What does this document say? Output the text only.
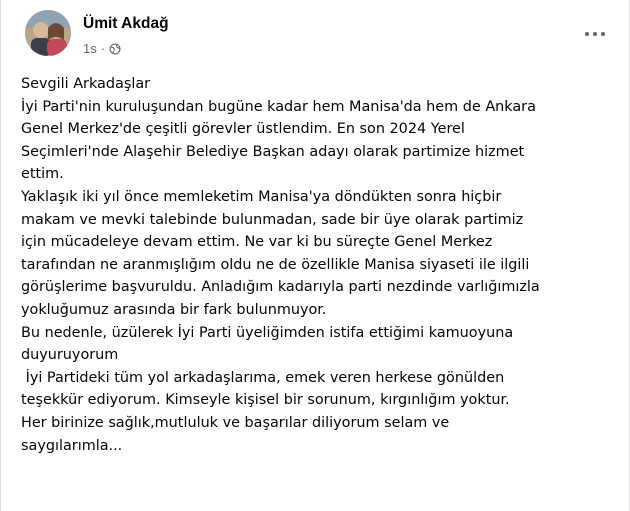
Ümit Akdağ
1s ·
Sevgili Arkadaşlar
İyi Parti'nin kuruluşundan bugüne kadar hem Manisa'da hem de Ankara
Genel Merkez'de çeşitli görevler üstlendim. En son 2024 Yerel
Seçimleri'nde Alaşehir Belediye Başkan adayı olarak partimize hizmet
ettim.
Yaklaşık iki yıl önce memleketim Manisa'ya döndükten sonra hiçbir
makam ve mevki talebinde bulunmadan, sade bir üye olarak partimiz
için mücadeleye devam ettim. Ne var ki bu süreçte Genel Merkez
tarafından ne aranmışlığım oldu ne de özellikle Manisa siyaseti ile ilgili
görüşlerime başvuruldu. Anladığım kadarıyla parti nezdinde varlığımızla
yokluğumuz arasında bir fark bulunmuyor.
Bu nedenle, üzülerek İyi Parti üyeliğimden istifa ettiğimi kamuoyuna
duyuruyorum
İyi Partideki tüm yol arkadaşlarıma, emek veren herkese gönülden
teşekkür ediyorum. Kimseyle kişisel bir sorunum, kırgınlığım yoktur.
Her birinize sağlık,mutluluk ve başarılar diliyorum selam ve
saygılarımla...
